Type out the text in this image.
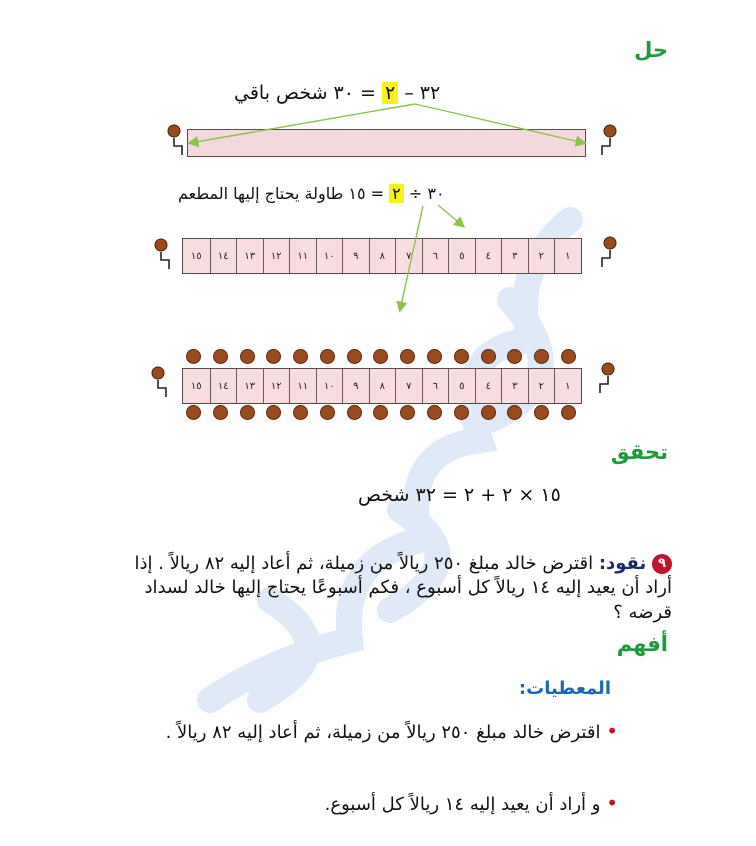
حل
٣٢ – ٢ = ٣٠ شخص باقي
٣٠ ÷ ٢ = ١٥ طاولة يحتاج إليها المطعم
١
٢
٣
٤
٥
٦
٧
٨
٩
١٠
١١
١٢
١٣
١٤
١٥
١
٢
٣
٤
٥
٦
٧
٨
٩
١٠
١١
١٢
١٣
١٤
١٥
تحقق
١٥ × ٢ + ٢ = ٣٢ شخص
٩ نقود: اقترض خالد مبلغ ٢٥٠ ريالاً من زميلة، ثم أعاد إليه ٨٢ ريالاً . إذا أراد أن يعيد إليه ١٤ ريالاً كل أسبوع ، فكم أسبوعًا يحتاج إليها خالد لسداد قرضه ؟
أفهم
المعطيات:
• اقترض خالد مبلغ ٢٥٠ ريالاً من زميلة، ثم أعاد إليه ٨٢ ريالاً .
• و أراد أن يعيد إليه ١٤ ريالاً كل أسبوع.
